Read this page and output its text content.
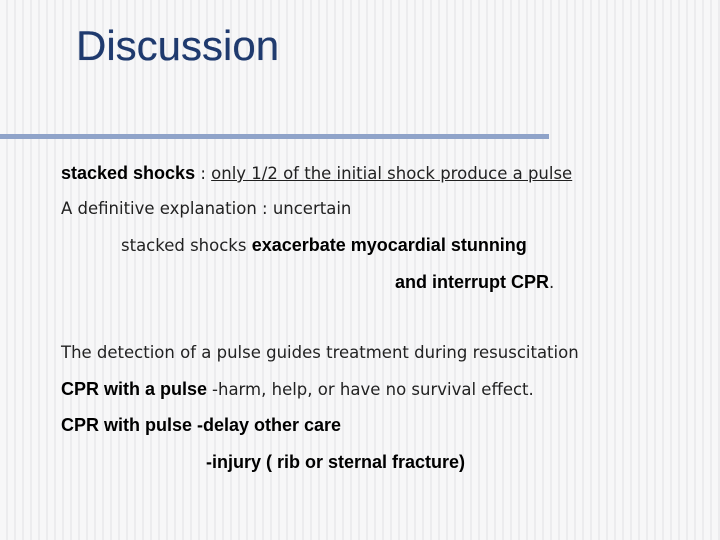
Discussion
stacked shocks : only 1/2 of the initial shock produce a pulse
A definitive explanation : uncertain
stacked shocks exacerbate myocardial stunning
and interrupt CPR.
The detection of a pulse guides treatment during resuscitation
CPR with a pulse -harm, help, or have no survival effect.
CPR with pulse -delay other care
-injury ( rib or sternal fracture)
